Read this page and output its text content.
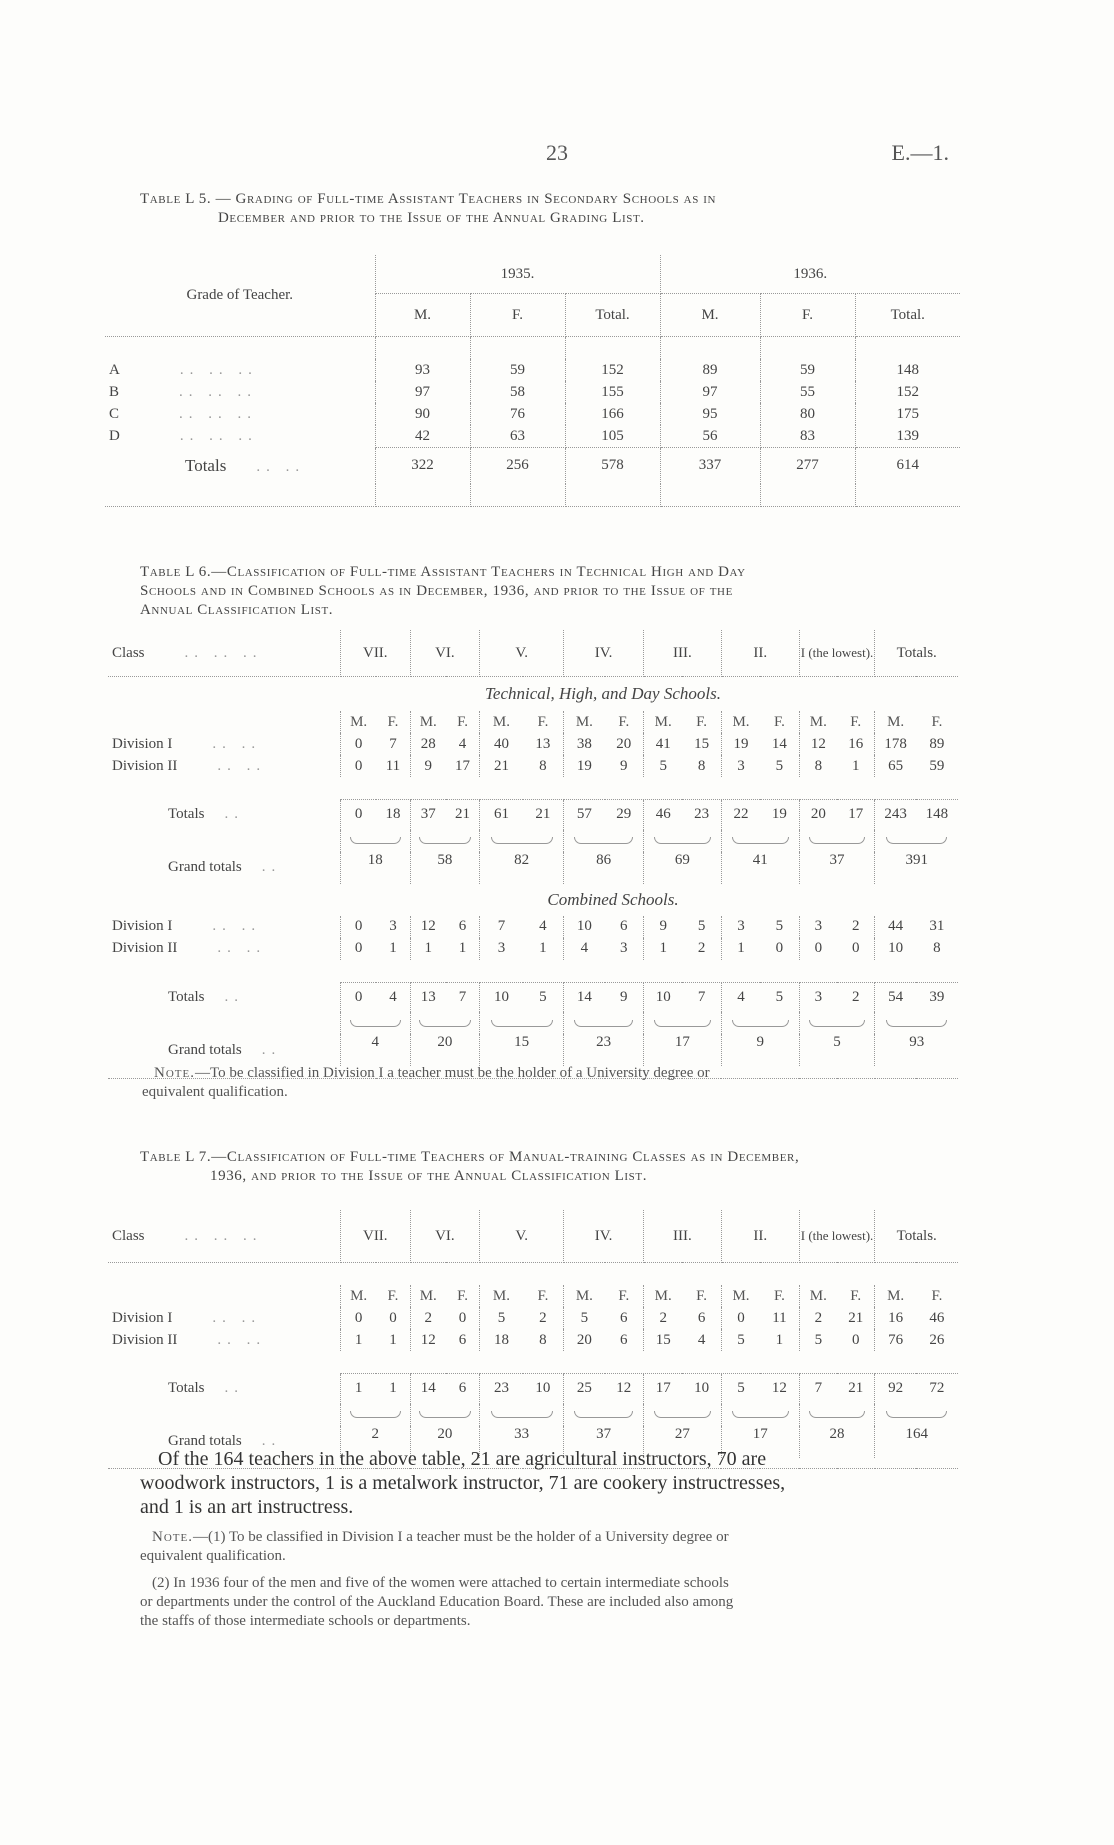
23	E.—1.
Table L 5. — Grading of Full-time Assistant Teachers in Secondary Schools as in
December and prior to the Issue of the Annual Grading List.
Grade of Teacher.	1935.			1936.		
	M.	F.	Total.	M.	F.	Total.

A .. .. ..	93	59	152	89	59	148
B .. .. ..	97	58	155	97	55	152
C .. .. ..	90	76	166	95	80	175
D .. .. ..	42	63	105	56	83	139
Totals .. ..	322	256	578	337	277	614

Table L 6.—Classification of Full-time Assistant Teachers in Technical High and Day
Schools and in Combined Schools as in December, 1936, and prior to the Issue of the
Annual Classification List.
Class .. .. ..	VII.		VI.		V.		IV.		III.		II.		I (the lowest).		Totals.	
Technical, High, and Day Schools.																
	M.	F.	M.	F.	M.	F.	M.	F.	M.	F.	M.	F.	M.	F.	M.	F.
Division I .. ..	0	7	28	4	40	13	38	20	41	15	19	14	12	16	178	89
Division II .. ..	0	11	9	17	21	8	19	9	5	8	3	5	8	1	65	59

Totals ..	0	18	37	21	61	21	57	29	46	23	22	19	20	17	243	148

Grand totals ..	18		58		82		86		69		41		37		391	
Combined Schools.																
Division I .. ..	0	3	12	6	7	4	10	6	9	5	3	5	3	2	44	31
Division II .. ..	0	1	1	1	3	1	4	3	1	2	1	0	0	0	10	8

Totals ..	0	4	13	7	10	5	14	9	10	7	4	5	3	2	54	39

Grand totals ..	4		20		15		23		17		9		5		93	

Note.—To be classified in Division I a teacher must be the holder of a University degree or
equivalent qualification.
Table L 7.—Classification of Full-time Teachers of Manual-training Classes as in December,
1936, and prior to the Issue of the Annual Classification List.
Class .. .. ..	VII.		VI.		V.		IV.		III.		II.		I (the lowest).		Totals.	

	M.	F.	M.	F.	M.	F.	M.	F.	M.	F.	M.	F.	M.	F.	M.	F.
Division I .. ..	0	0	2	0	5	2	5	6	2	6	0	11	2	21	16	46
Division II .. ..	1	1	12	6	18	8	20	6	15	4	5	1	5	0	76	26

Totals ..	1	1	14	6	23	10	25	12	17	10	5	12	7	21	92	72

Grand totals ..	2		20		33		37		27		17		28		164	

Of the 164 teachers in the above table, 21 are agricultural instructors, 70 are
woodwork instructors, 1 is a metalwork instructor, 71 are cookery instructresses,
and 1 is an art instructress.
Note.—(1) To be classified in Division I a teacher must be the holder of a University degree or
equivalent qualification.

(2) In 1936 four of the men and five of the women were attached to certain intermediate schools
or departments under the control of the Auckland Education Board. These are included also among
the staffs of those intermediate schools or departments.
